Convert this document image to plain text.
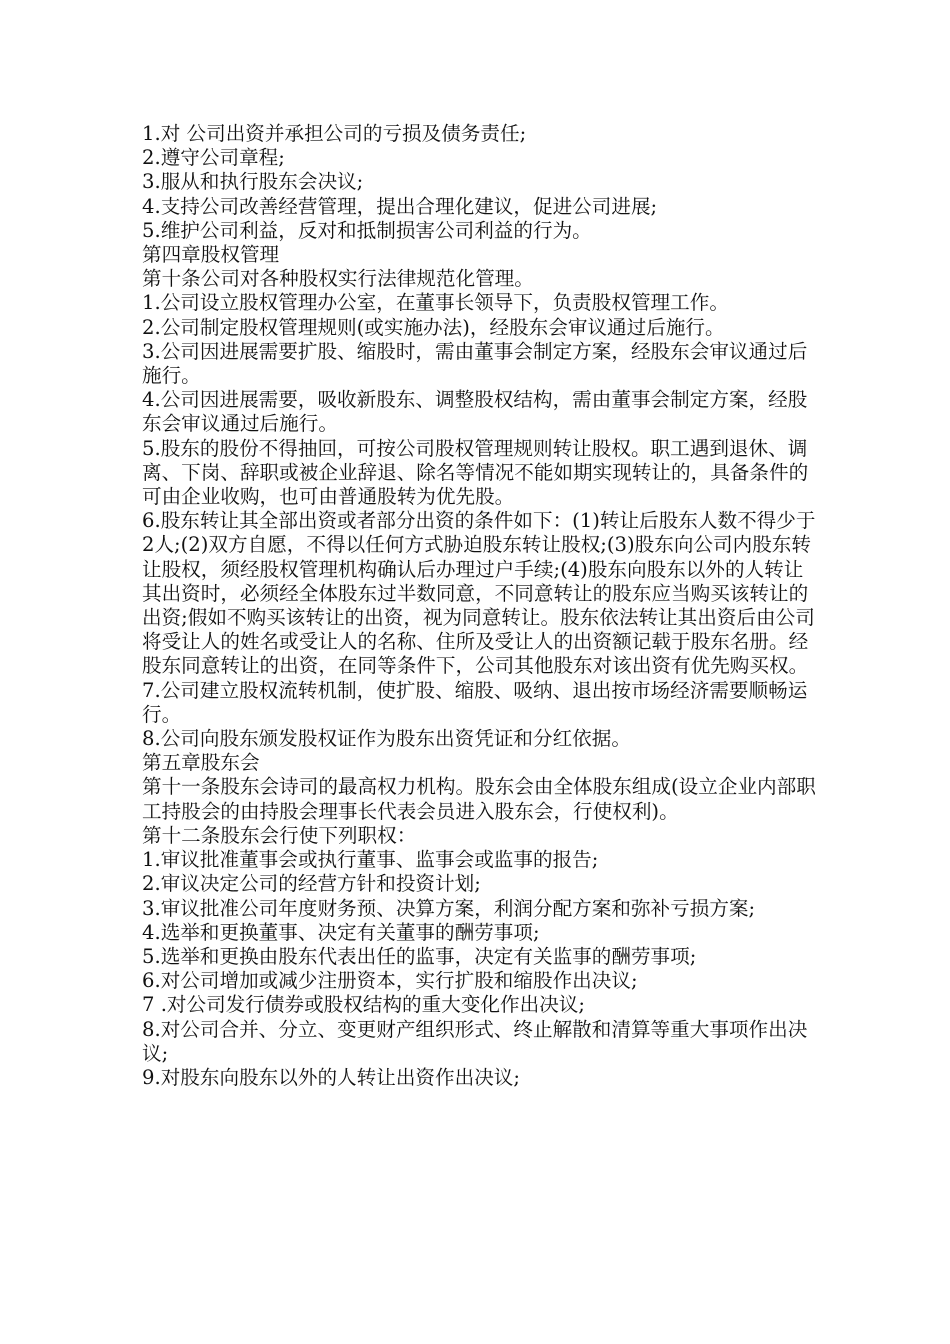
1.对 公司出资并承担公司的亏损及债务责任;

2.遵守公司章程;

3.服从和执行股东会决议;

4.支持公司改善经营管理，提出合理化建议，促进公司进展;

5.维护公司利益，反对和抵制损害公司利益的行为。

第四章股权管理

第十条公司对各种股权实行法律规范化管理。

1.公司设立股权管理办公室，在董事长领导下，负责股权管理工作。

2.公司制定股权管理规则(或实施办法)，经股东会审议通过后施行。

3.公司因进展需要扩股、缩股时，需由董事会制定方案，经股东会审议通过后施行。

4.公司因进展需要，吸收新股东、调整股权结构，需由董事会制定方案，经股东会审议通过后施行。

5.股东的股份不得抽回，可按公司股权管理规则转让股权。职工遇到退休、调离、下岗、辞职或被企业辞退、除名等情况不能如期实现转让的，具备条件的可由企业收购，也可由普通股转为优先股。

6.股东转让其全部出资或者部分出资的条件如下：(1)转让后股东人数不得少于2人;(2)双方自愿，不得以任何方式胁迫股东转让股权;(3)股东向公司内股东转让股权，须经股权管理机构确认后办理过户手续;(4)股东向股东以外的人转让其出资时，必须经全体股东过半数同意，不同意转让的股东应当购买该转让的出资;假如不购买该转让的出资，视为同意转让。股东依法转让其出资后由公司将受让人的姓名或受让人的名称、住所及受让人的出资额记载于股东名册。经股东同意转让的出资，在同等条件下，公司其他股东对该出资有优先购买权。

7.公司建立股权流转机制，使扩股、缩股、吸纳、退出按市场经济需要顺畅运行。

8.公司向股东颁发股权证作为股东出资凭证和分红依据。

第五章股东会

第十一条股东会诗司的最高权力机构。股东会由全体股东组成(设立企业内部职工持股会的由持股会理事长代表会员进入股东会，行使权利)。

第十二条股东会行使下列职权：

1.审议批准董事会或执行董事、监事会或监事的报告;

2.审议决定公司的经营方针和投资计划;

3.审议批准公司年度财务预、决算方案，利润分配方案和弥补亏损方案;

4.选举和更换董事、决定有关董事的酬劳事项;

5.选举和更换由股东代表出任的监事，决定有关监事的酬劳事项;

6.对公司增加或减少注册资本，实行扩股和缩股作出决议;

7 .对公司发行债券或股权结构的重大变化作出决议;

8.对公司合并、分立、变更财产组织形式、终止解散和清算等重大事项作出决议;

9.对股东向股东以外的人转让出资作出决议;
